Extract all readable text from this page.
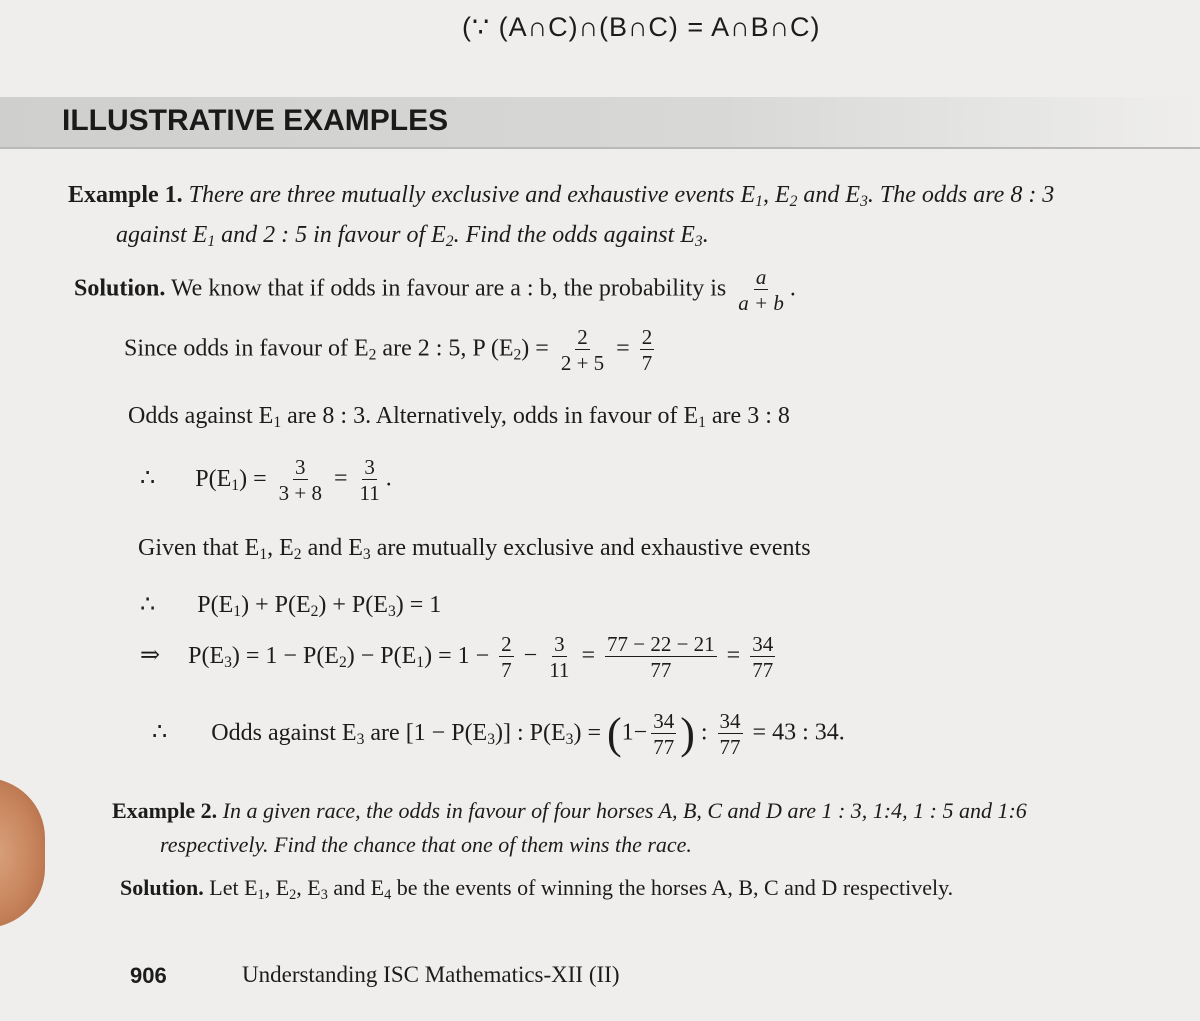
(∵ (A∩C)∩(B∩C) = A∩B∩C)
ILLUSTRATIVE EXAMPLES
Example 1. There are three mutually exclusive and exhaustive events $E_1$, $E_2$ and $E_3$. The odds are 8 : 3
against $E_1$ and 2 : 5 in favour of $E_2$. Find the odds against $E_3$.
Solution. We know that if odds in favour are a : b, the probability is $\frac{a}{a + b}$ .
Since odds in favour of $E_2$ are 2 : 5, P $(E_2) = \frac{2}{2 + 5} = \frac{2}{7}$
Odds against $E_1$ are 8 : 3. Alternatively, odds in favour of $E_1$ are 3 : 8
∴ $P(E_1) = \frac{3}{3 + 8} = \frac{3}{11}$ .
Given that $E_1$, $E_2$ and $E_3$ are mutually exclusive and exhaustive events
∴ $P(E_1) + P(E_2) + P(E_3) = 1$
⇒ $P(E_3) = 1 - P(E_2) - P(E_1) = 1 - \frac{2}{7} - \frac{3}{11} = \frac{77 - 22 - 21}{77} = \frac{34}{77}$
∴ Odds against $E_3$ are $[1 - P(E_3)]$ : $P(E_3) = (1- \frac{34}{77}$ ) : $\frac{34}{77} = 43$ : 34.
Example 2. In a given race, the odds in favour of four horses A, B, C and D are 1 : 3, 1:4, 1 : 5 and 1:6
respectively. Find the chance that one of them wins the race.
Solution. Let $E_1$, $E_2$, $E_3$ and $E_4$ be the events of winning the horses A, B, C and D respectively.
906	Understanding ISC Mathematics-XII (II)
